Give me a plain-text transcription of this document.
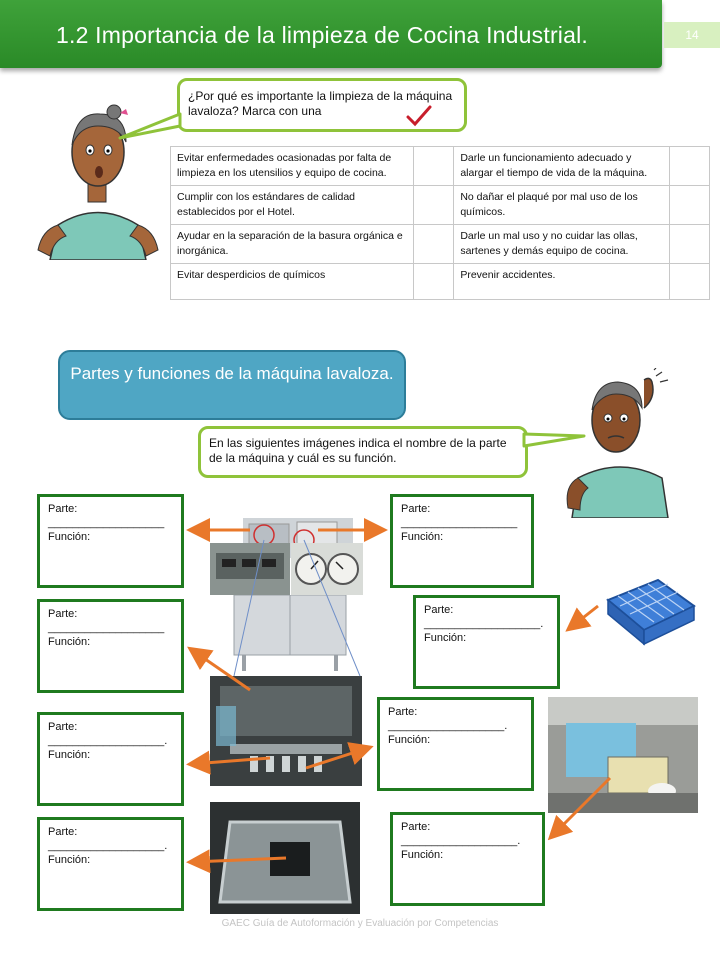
1.2 Importancia de la limpieza de Cocina Industrial.	14
¿Por qué es importante la limpieza de la máquina lavaloza? Marca con una
Evitar enfermedades ocasionadas por falta de limpieza en los utensilios y equipo de cocina.		Darle un funcionamiento adecuado y alargar el tiempo de vida de la máquina.	
Cumplir con los estándares de calidad establecidos por el Hotel.		No dañar el plaqué por mal uso de los químicos.	
Ayudar en la separación de la basura orgánica e inorgánica.		Darle un mal uso y no cuidar las ollas, sartenes y demás equipo de cocina.	
Evitar desperdicios de químicos		Prevenir accidentes.	
Partes y funciones de la máquina lavaloza.
En las siguientes imágenes indica el nombre de la parte de la máquina y cuál es su función.
Parte:
___________________
Función:
Parte:
___________________
Función:
Parte:
___________________
Función:
Parte:
___________________.
Función:
Parte:
___________________.
Función:
Parte:
___________________.
Función:
Parte:
___________________.
Función:
Parte:
___________________.
Función:
GAEC Guía de Autoformación y Evaluación por Competencias
